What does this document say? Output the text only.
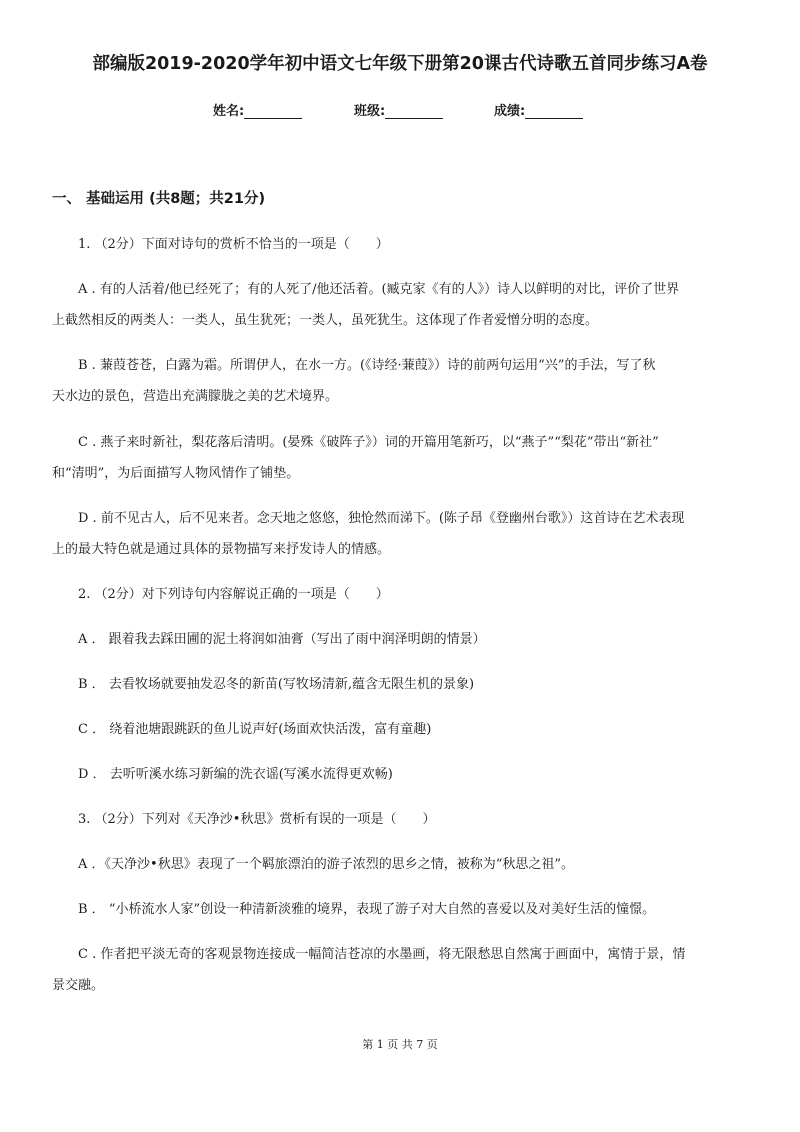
部编版2019-2020学年初中语文七年级下册第20课古代诗歌五首同步练习A卷
姓名:	班级:	成绩:
一、 基础运用 (共8题；共21分)
1. （2分）下面对诗句的赏析不恰当的一项是（　　）
A . 有的人活着/他已经死了；有的人死了/他还活着。(臧克家《有的人》）诗人以鲜明的对比，评价了世界
上截然相反的两类人：一类人，虽生犹死；一类人，虽死犹生。这体现了作者爱憎分明的态度。
B . 蒹葭苍苍，白露为霜。所谓伊人，在水一方。(《诗经·蒹葭》）诗的前两句运用“兴”的手法，写了秋
天水边的景色，营造出充满朦胧之美的艺术境界。
C . 燕子来时新社，梨花落后清明。(晏殊《破阵子》）词的开篇用笔新巧，以“燕子”“梨花”带出“新社”
和“清明”，为后面描写人物风情作了铺垫。
D . 前不见古人，后不见来者。念天地之悠悠，独怆然而涕下。(陈子昂《登幽州台歌》）这首诗在艺术表现
上的最大特色就是通过具体的景物描写来抒发诗人的情感。
2. （2分）对下列诗句内容解说正确的一项是（　　）
A ． 跟着我去踩田圃的泥土将润如油膏（写出了雨中润泽明朗的情景）
B ． 去看牧场就要抽发忍冬的新苗(写牧场清新,蕴含无限生机的景象)
C ． 绕着池塘跟跳跃的鱼儿说声好(场面欢快活泼，富有童趣)
D ． 去听听溪水练习新编的洗衣谣(写溪水流得更欢畅)
3. （2分）下列对《天净沙•秋思》赏析有误的一项是（　　）
A ．《天净沙•秋思》表现了一个羁旅漂泊的游子浓烈的思乡之情，被称为“秋思之祖”。
B ． “小桥流水人家”创设一种清新淡雅的境界，表现了游子对大自然的喜爱以及对美好生活的憧憬。
C . 作者把平淡无奇的客观景物连接成一幅简洁苍凉的水墨画，将无限愁思自然寓于画面中，寓情于景，情
景交融。
第 1 页 共 7 页
